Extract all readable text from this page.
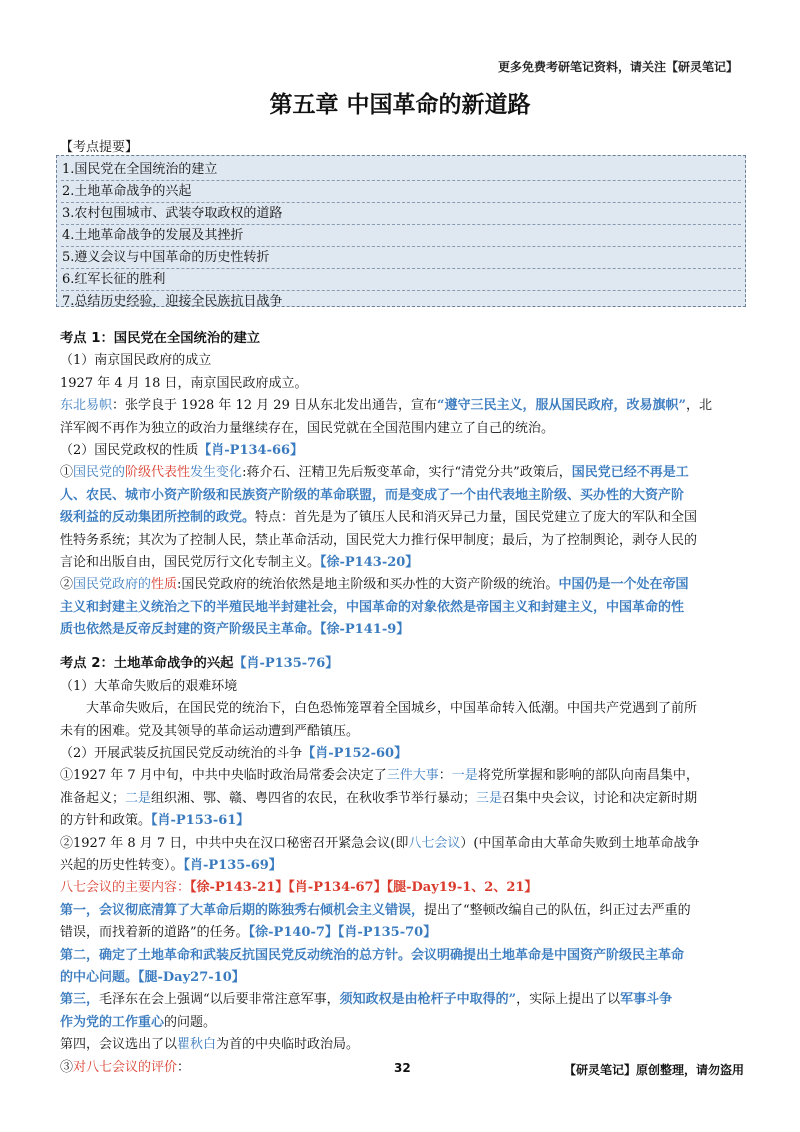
更多免费考研笔记资料，请关注【研灵笔记】
第五章 中国革命的新道路
【考点提要】
1.国民党在全国统治的建立
2.土地革命战争的兴起
3.农村包围城市、武装夺取政权的道路
4.土地革命战争的发展及其挫折
5.遵义会议与中国革命的历史性转折
6.红军长征的胜利
7.总结历史经验，迎接全民族抗日战争
考点 1：国民党在全国统治的建立
（1）南京国民政府的成立
1927 年 4 月 18 日，南京国民政府成立。
东北易帜：张学良于 1928 年 12 月 29 日从东北发出通告，宣布“遵守三民主义，服从国民政府，改易旗帜”，北
洋军阀不再作为独立的政治力量继续存在，国民党就在全国范围内建立了自己的统治。
（2）国民党政权的性质【肖-P134-66】
①国民党的阶级代表性发生变化:蒋介石、汪精卫先后叛变革命，实行“清党分共”政策后，国民党已经不再是工
人、农民、城市小资产阶级和民族资产阶级的革命联盟，而是变成了一个由代表地主阶级、买办性的大资产阶
级利益的反动集团所控制的政党。特点：首先是为了镇压人民和消灭异己力量，国民党建立了庞大的军队和全国
性特务系统；其次为了控制人民，禁止革命活动，国民党大力推行保甲制度；最后，为了控制舆论，剥夺人民的
言论和出版自由，国民党厉行文化专制主义。【徐-P143-20】
②国民党政府的性质:国民党政府的统治依然是地主阶级和买办性的大资产阶级的统治。中国仍是一个处在帝国
主义和封建主义统治之下的半殖民地半封建社会，中国革命的对象依然是帝国主义和封建主义，中国革命的性
质也依然是反帝反封建的资产阶级民主革命。【徐-P141-9】
考点 2：土地革命战争的兴起【肖-P135-76】
（1）大革命失败后的艰难环境
大革命失败后，在国民党的统治下，白色恐怖笼罩着全国城乡，中国革命转入低潮。中国共产党遇到了前所
未有的困难。党及其领导的革命运动遭到严酷镇压。
（2）开展武装反抗国民党反动统治的斗争【肖-P152-60】
①1927 年 7 月中旬，中共中央临时政治局常委会决定了三件大事：一是将党所掌握和影响的部队向南昌集中，
准备起义；二是组织湘、鄂、赣、粤四省的农民，在秋收季节举行暴动；三是召集中央会议，讨论和决定新时期
的方针和政策。【肖-P153-61】
②1927 年 8 月 7 日，中共中央在汉口秘密召开紧急会议(即八七会议）(中国革命由大革命失败到土地革命战争
兴起的历史性转变）。【肖-P135-69】
八七会议的主要内容：【徐-P143-21】【肖-P134-67】【腿-Day19-1、2、21】
第一，会议彻底清算了大革命后期的陈独秀右倾机会主义错误，提出了“整顿改编自己的队伍，纠正过去严重的
错误，而找着新的道路”的任务。【徐-P140-7】【肖-P135-70】
第二，确定了土地革命和武装反抗国民党反动统治的总方针。会议明确提出土地革命是中国资产阶级民主革命
的中心问题。【腿-Day27-10】
第三，毛泽东在会上强调“以后要非常注意军事，须知政权是由枪杆子中取得的”，实际上提出了以军事斗争
作为党的工作重心的问题。
第四，会议选出了以瞿秋白为首的中央临时政治局。
③对八七会议的评价：	32	【研灵笔记】原创整理，请勿盗用
